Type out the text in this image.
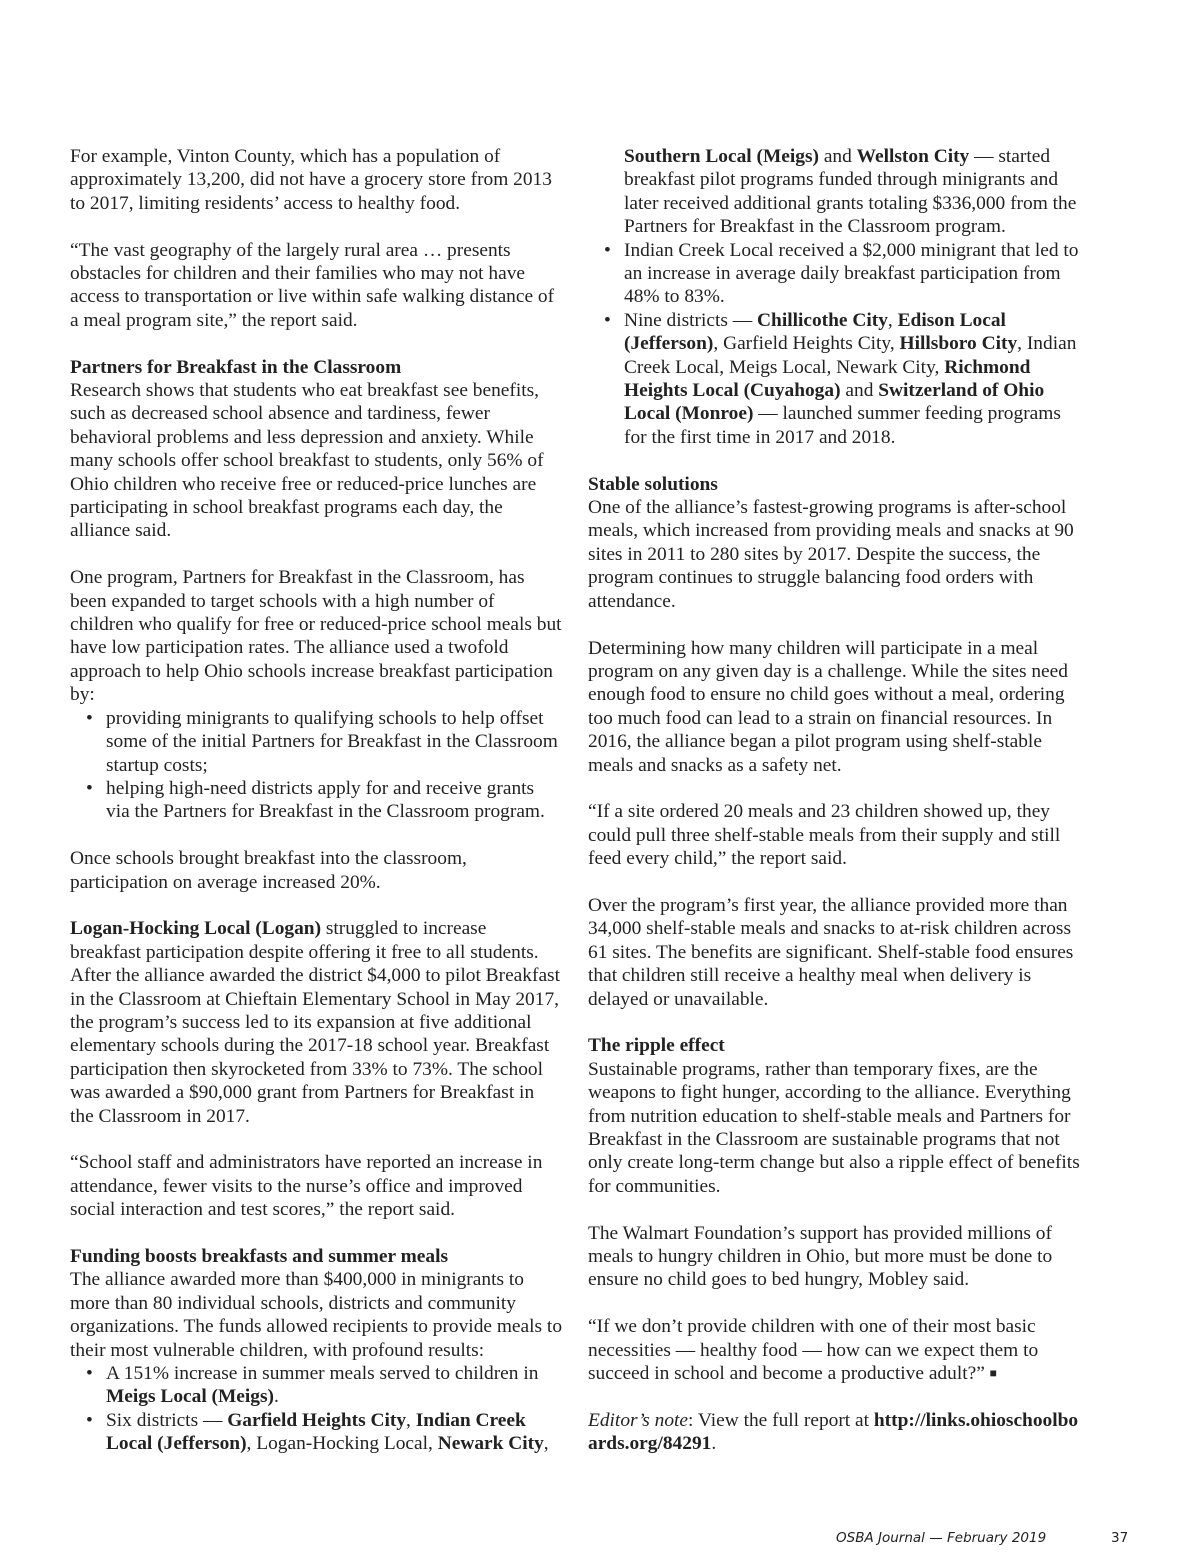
For example, Vinton County, which has a population of approximately 13,200, did not have a grocery store from 2013 to 2017, limiting residents’ access to healthy food.

“The vast geography of the largely rural area … presents obstacles for children and their families who may not have access to transportation or live within safe walking distance of a meal program site,” the report said.

Partners for Breakfast in the Classroom

Research shows that students who eat breakfast see benefits, such as decreased school absence and tardiness, fewer behavioral problems and less depression and anxiety. While many schools offer school breakfast to students, only 56% of Ohio children who receive free or reduced-price lunches are participating in school breakfast programs each day, the alliance said.

One program, Partners for Breakfast in the Classroom, has been expanded to target schools with a high number of children who qualify for free or reduced-price school meals but have low participation rates. The alliance used a twofold approach to help Ohio schools increase breakfast participation by:

• providing minigrants to qualifying schools to help offset some of the initial Partners for Breakfast in the Classroom startup costs;
• helping high-need districts apply for and receive grants via the Partners for Breakfast in the Classroom program.

Once schools brought breakfast into the classroom, participation on average increased 20%.

Logan-Hocking Local (Logan) struggled to increase breakfast participation despite offering it free to all students. After the alliance awarded the district $4,000 to pilot Breakfast in the Classroom at Chieftain Elementary School in May 2017, the program’s success led to its expansion at five additional elementary schools during the 2017-18 school year. Breakfast participation then skyrocketed from 33% to 73%. The school was awarded a $90,000 grant from Partners for Breakfast in the Classroom in 2017.

“School staff and administrators have reported an increase in attendance, fewer visits to the nurse’s office and improved social interaction and test scores,” the report said.

Funding boosts breakfasts and summer meals

The alliance awarded more than $400,000 in minigrants to more than 80 individual schools, districts and community organizations. The funds allowed recipients to provide meals to their most vulnerable children, with profound results:

• A 151% increase in summer meals served to children in Meigs Local (Meigs).
• Six districts — Garfield Heights City, Indian Creek Local (Jefferson), Logan-Hocking Local, Newark City,

Southern Local (Meigs) and Wellston City — started breakfast pilot programs funded through minigrants and later received additional grants totaling $336,000 from the Partners for Breakfast in the Classroom program.

• Indian Creek Local received a $2,000 minigrant that led to an increase in average daily breakfast participation from 48% to 83%.
• Nine districts — Chillicothe City, Edison Local (Jefferson), Garfield Heights City, Hillsboro City, Indian Creek Local, Meigs Local, Newark City, Richmond Heights Local (Cuyahoga) and Switzerland of Ohio Local (Monroe) — launched summer feeding programs for the first time in 2017 and 2018.
Stable solutions

One of the alliance’s fastest-growing programs is after-school meals, which increased from providing meals and snacks at 90 sites in 2011 to 280 sites by 2017. Despite the success, the program continues to struggle balancing food orders with attendance.

Determining how many children will participate in a meal program on any given day is a challenge. While the sites need enough food to ensure no child goes without a meal, ordering too much food can lead to a strain on financial resources. In 2016, the alliance began a pilot program using shelf-stable meals and snacks as a safety net.

“If a site ordered 20 meals and 23 children showed up, they could pull three shelf-stable meals from their supply and still feed every child,” the report said.

Over the program’s first year, the alliance provided more than 34,000 shelf-stable meals and snacks to at-risk children across 61 sites. The benefits are significant. Shelf-stable food ensures that children still receive a healthy meal when delivery is delayed or unavailable.

The ripple effect

Sustainable programs, rather than temporary fixes, are the weapons to fight hunger, according to the alliance. Everything from nutrition education to shelf-stable meals and Partners for Breakfast in the Classroom are sustainable programs that not only create long-term change but also a ripple effect of benefits for communities.

The Walmart Foundation’s support has provided millions of meals to hungry children in Ohio, but more must be done to ensure no child goes to bed hungry, Mobley said.

“If we don’t provide children with one of their most basic necessities — healthy food — how can we expect them to succeed in school and become a productive adult?” ■

Editor’s note: View the full report at http://links.ohioschoolboards.org/84291.

OSBA Journal — February 2019	37
